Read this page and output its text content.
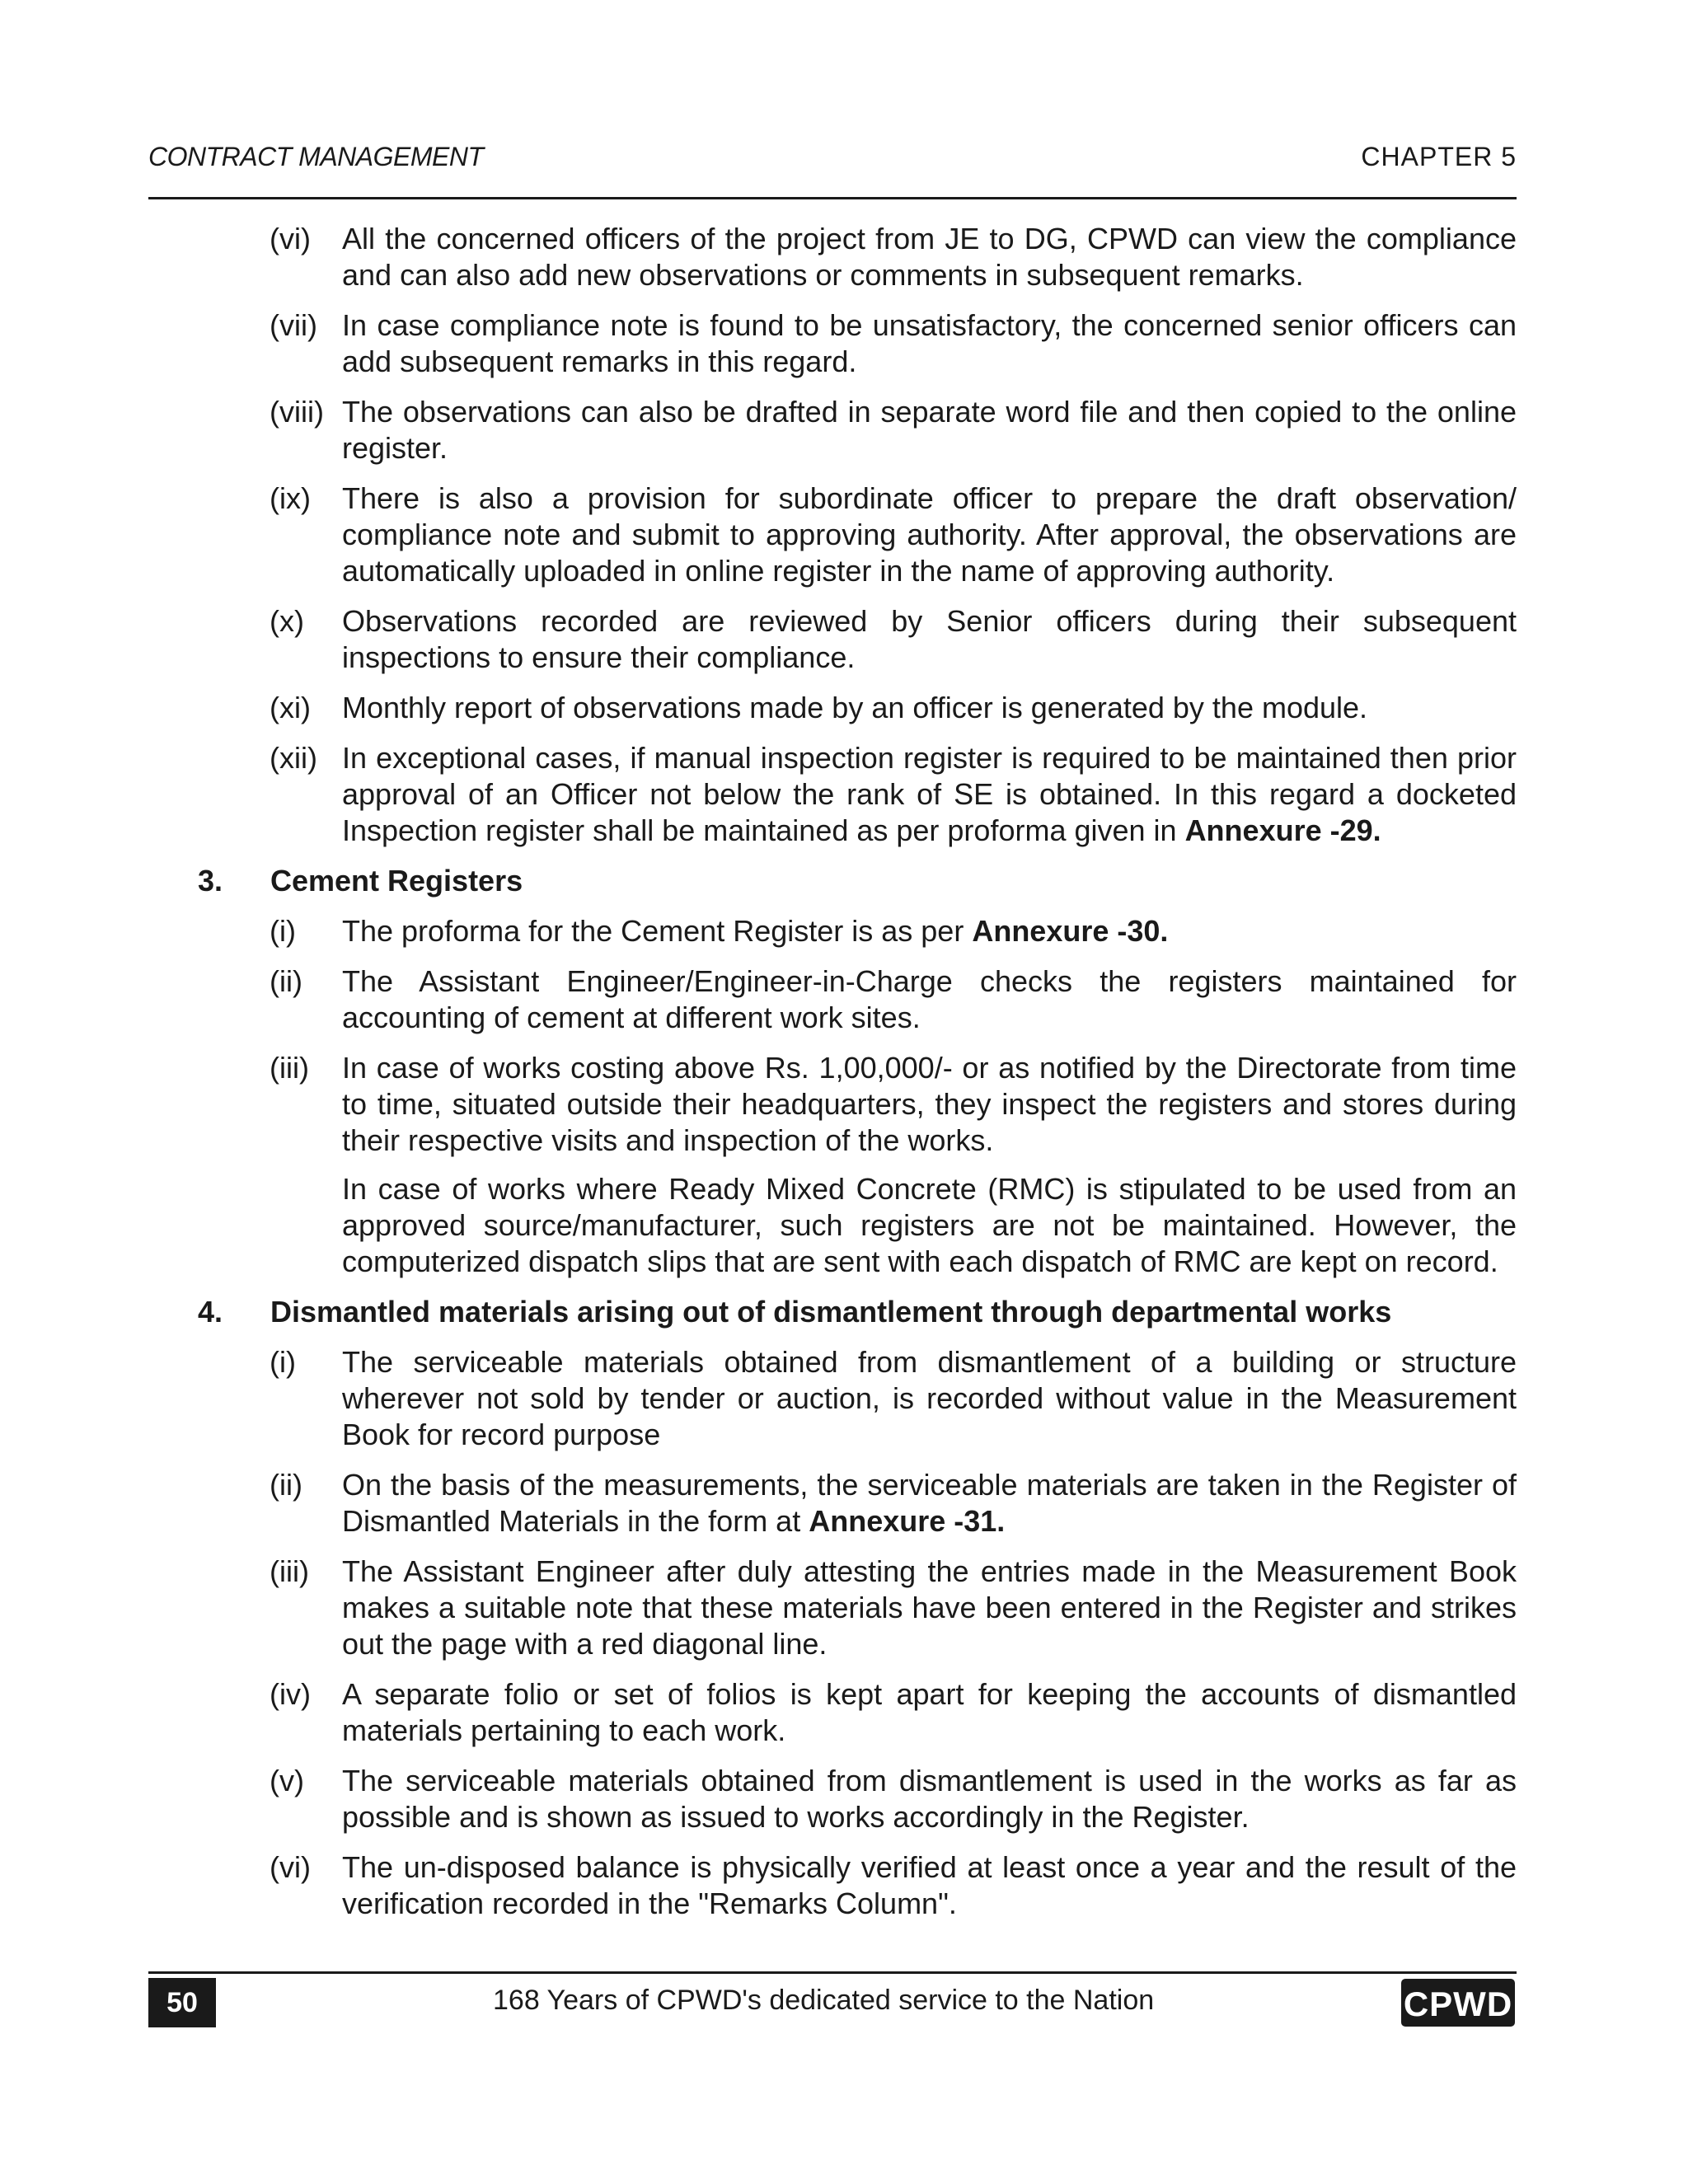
CONTRACT MANAGEMENT	CHAPTER 5
(vi) All the concerned officers of the project from JE to DG, CPWD can view the compliance and can also add new observations or comments in subsequent remarks.
(vii) In case compliance note is found to be unsatisfactory, the concerned senior officers can add subsequent remarks in this regard.
(viii) The observations can also be drafted in separate word file and then copied to the online register.
(ix) There is also a provision for subordinate officer to prepare the draft observation/ compliance note and submit to approving authority. After approval, the observations are automatically uploaded in online register in the name of approving authority.
(x) Observations recorded are reviewed by Senior officers during their subsequent inspections to ensure their compliance.
(xi) Monthly report of observations made by an officer is generated by the module.
(xii) In exceptional cases, if manual inspection register is required to be maintained then prior approval of an Officer not below the rank of SE is obtained. In this regard a docketed Inspection register shall be maintained as per proforma given in Annexure -29.
3. Cement Registers
(i) The proforma for the Cement Register is as per Annexure -30.
(ii) The Assistant Engineer/Engineer-in-Charge checks the registers maintained for accounting of cement at different work sites.
(iii) In case of works costing above Rs. 1,00,000/- or as notified by the Directorate from time to time, situated outside their headquarters, they inspect the registers and stores during their respective visits and inspection of the works.
In case of works where Ready Mixed Concrete (RMC) is stipulated to be used from an approved source/manufacturer, such registers are not be maintained. However, the computerized dispatch slips that are sent with each dispatch of RMC are kept on record.
4. Dismantled materials arising out of dismantlement through departmental works
(i) The serviceable materials obtained from dismantlement of a building or structure wherever not sold by tender or auction, is recorded without value in the Measurement Book for record purpose
(ii) On the basis of the measurements, the serviceable materials are taken in the Register of Dismantled Materials in the form at Annexure -31.
(iii) The Assistant Engineer after duly attesting the entries made in the Measurement Book makes a suitable note that these materials have been entered in the Register and strikes out the page with a red diagonal line.
(iv) A separate folio or set of folios is kept apart for keeping the accounts of dismantled materials pertaining to each work.
(v) The serviceable materials obtained from dismantlement is used in the works as far as possible and is shown as issued to works accordingly in the Register.
(vi) The un-disposed balance is physically verified at least once a year and the result of the verification recorded in the "Remarks Column".
50	168 Years of CPWD's dedicated service to the Nation	CPWD
